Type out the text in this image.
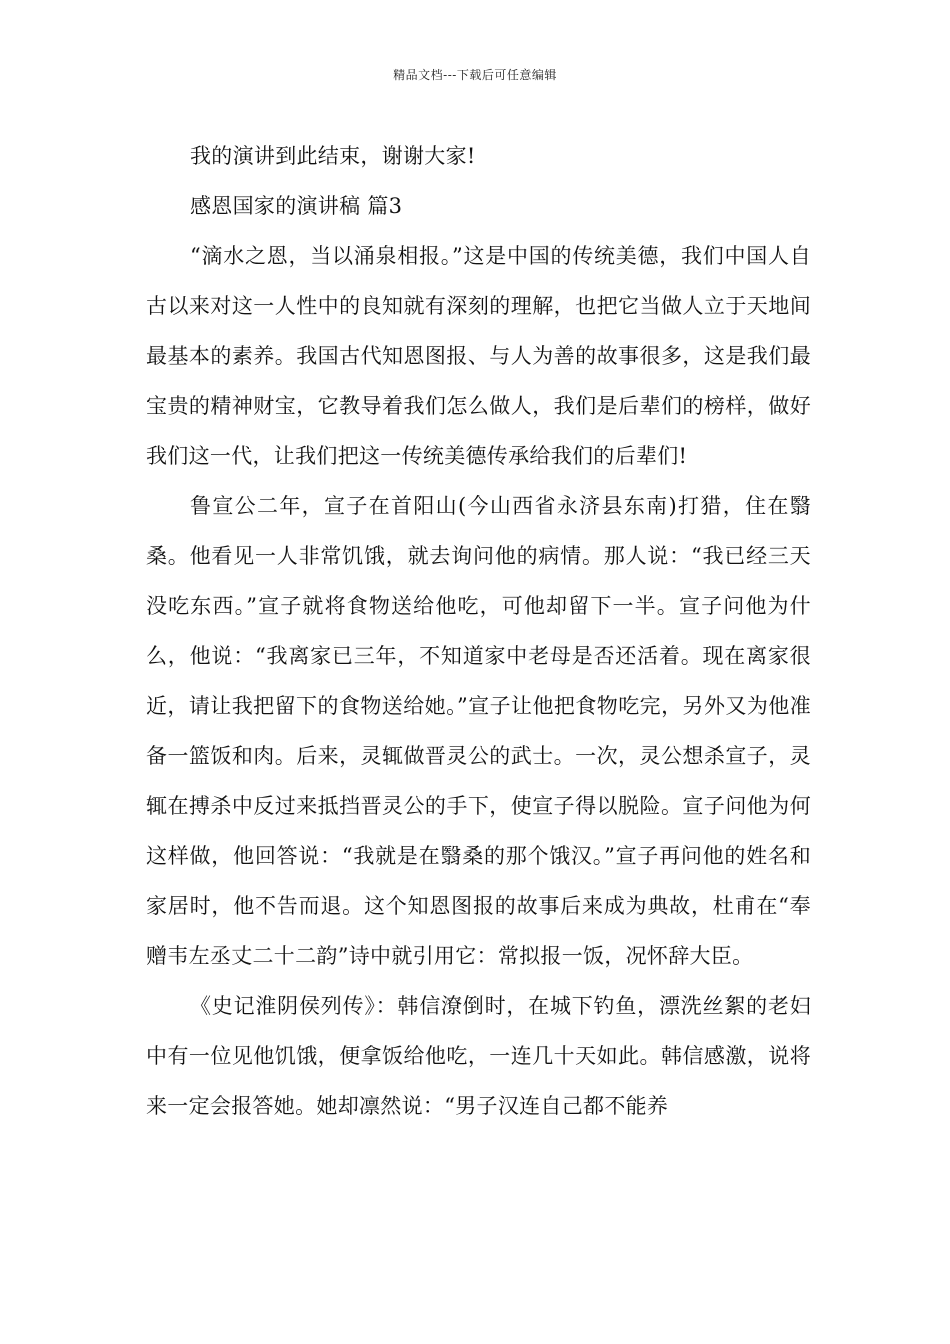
精品文档---下载后可任意编辑

我的演讲到此结束，谢谢大家!

感恩国家的演讲稿 篇3

“滴水之恩，当以涌泉相报。”这是中国的传统美德，我们中国人自古以来对这一人性中的良知就有深刻的理解，也把它当做人立于天地间最基本的素养。我国古代知恩图报、与人为善的故事很多，这是我们最宝贵的精神财宝，它教导着我们怎么做人，我们是后辈们的榜样，做好我们这一代，让我们把这一传统美德传承给我们的后辈们!

鲁宣公二年，宣子在首阳山(今山西省永济县东南)打猎，住在翳桑。他看见一人非常饥饿，就去询问他的病情。那人说：“我已经三天没吃东西。”宣子就将食物送给他吃，可他却留下一半。宣子问他为什么，他说：“我离家已三年，不知道家中老母是否还活着。现在离家很近，请让我把留下的食物送给她。”宣子让他把食物吃完，另外又为他准备一篮饭和肉。后来，灵辄做晋灵公的武士。一次，灵公想杀宣子，灵辄在搏杀中反过来抵挡晋灵公的手下，使宣子得以脱险。宣子问他为何这样做，他回答说：“我就是在翳桑的那个饿汉。”宣子再问他的姓名和家居时，他不告而退。这个知恩图报的故事后来成为典故，杜甫在“奉赠韦左丞丈二十二韵”诗中就引用它：常拟报一饭，况怀辞大臣。

《史记淮阴侯列传》：韩信潦倒时，在城下钓鱼，漂洗丝絮的老妇中有一位见他饥饿，便拿饭给他吃，一连几十天如此。韩信感激，说将来一定会报答她。她却凛然说：“男子汉连自己都不能养
